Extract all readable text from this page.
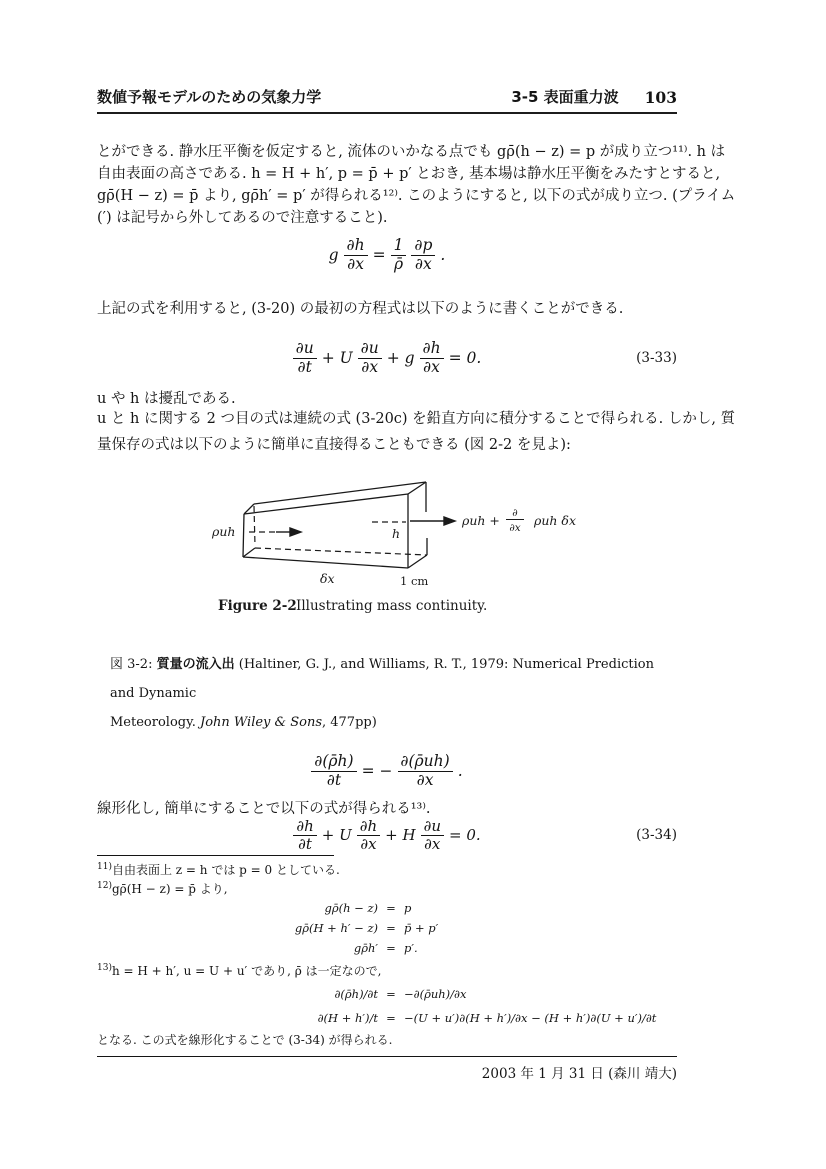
数値予報モデルのための気象力学	3-5 表面重力波 103
とができる. 静水圧平衡を仮定すると, 流体のいかなる点でも gρ̄(h − z) = p が成り立つ¹¹⁾. h は
自由表面の高さである. h = H + h′, p = p̄ + p′ とおき, 基本場は静水圧平衡をみたすとすると,
gρ̄(H − z) = p̄ より, gρ̄h′ = p′ が得られる¹²⁾. このようにすると, 以下の式が成り立つ. (プライム
(′) は記号から外してあるので注意すること).
g $\frac{\partial h}{\partial x} = \frac{1}{\rhō} \frac{\partial p}{\partial x}$ .
上記の式を利用すると, (3-20) の最初の方程式は以下のように書くことができる.
$\frac{\partial u}{\partial t} + U \frac{\partial u}{\partial x} + g \frac{\partial h}{\partial x} = 0$.	(3-33)
u や h は擾乱である.
u と h に関する 2 つ目の式は連続の式 (3-20c) を鉛直方向に積分することで得られる. しかし, 質
量保存の式は以下のように簡単に直接得ることもできる (図 2-2 を見よ):
ρuh	h
ρuh + ∂
∂x ρuh δx
δx	1 cm
Figure 2-2 Illustrating mass continuity.
図 3-2: 質量の流入出 (Haltiner, G. J., and Williams, R. T., 1979: Numerical Prediction and Dynamic
Meteorology. John Wiley & Sons, 477pp)
$\frac{\partial(\rhōh)}{\partial t}$ = − $\frac{\partial(\rhōuh)}{\partial x}$ .
線形化し, 簡単にすることで以下の式が得られる¹³⁾.
$\frac{\partial h}{\partial t} + U \frac{\partial h}{\partial x} + H \frac{\partial u}{\partial x} = 0$.	(3-34)
$^{11)}$自由表面上 z = h では p = 0 としている.
$^{12)}$gρ̄(H − z) = p̄ より,
gρ̄(h − z) = p
gρ̄(H + h′ − z) = p̄ + p′
gρ̄h′ = p′.
$^{13)}$h = H + h′, u = U + u′ であり, ρ̄ は一定なので,
∂(ρ̄h)/∂t = −∂(ρ̄uh)/∂x
∂(H + h′)/t = −(U + u′)∂(H + h′)/∂x − (H + h′)∂(U + u′)/∂t
となる. この式を線形化することで (3-34) が得られる.
2003 年 1 月 31 日 (森川 靖大)
